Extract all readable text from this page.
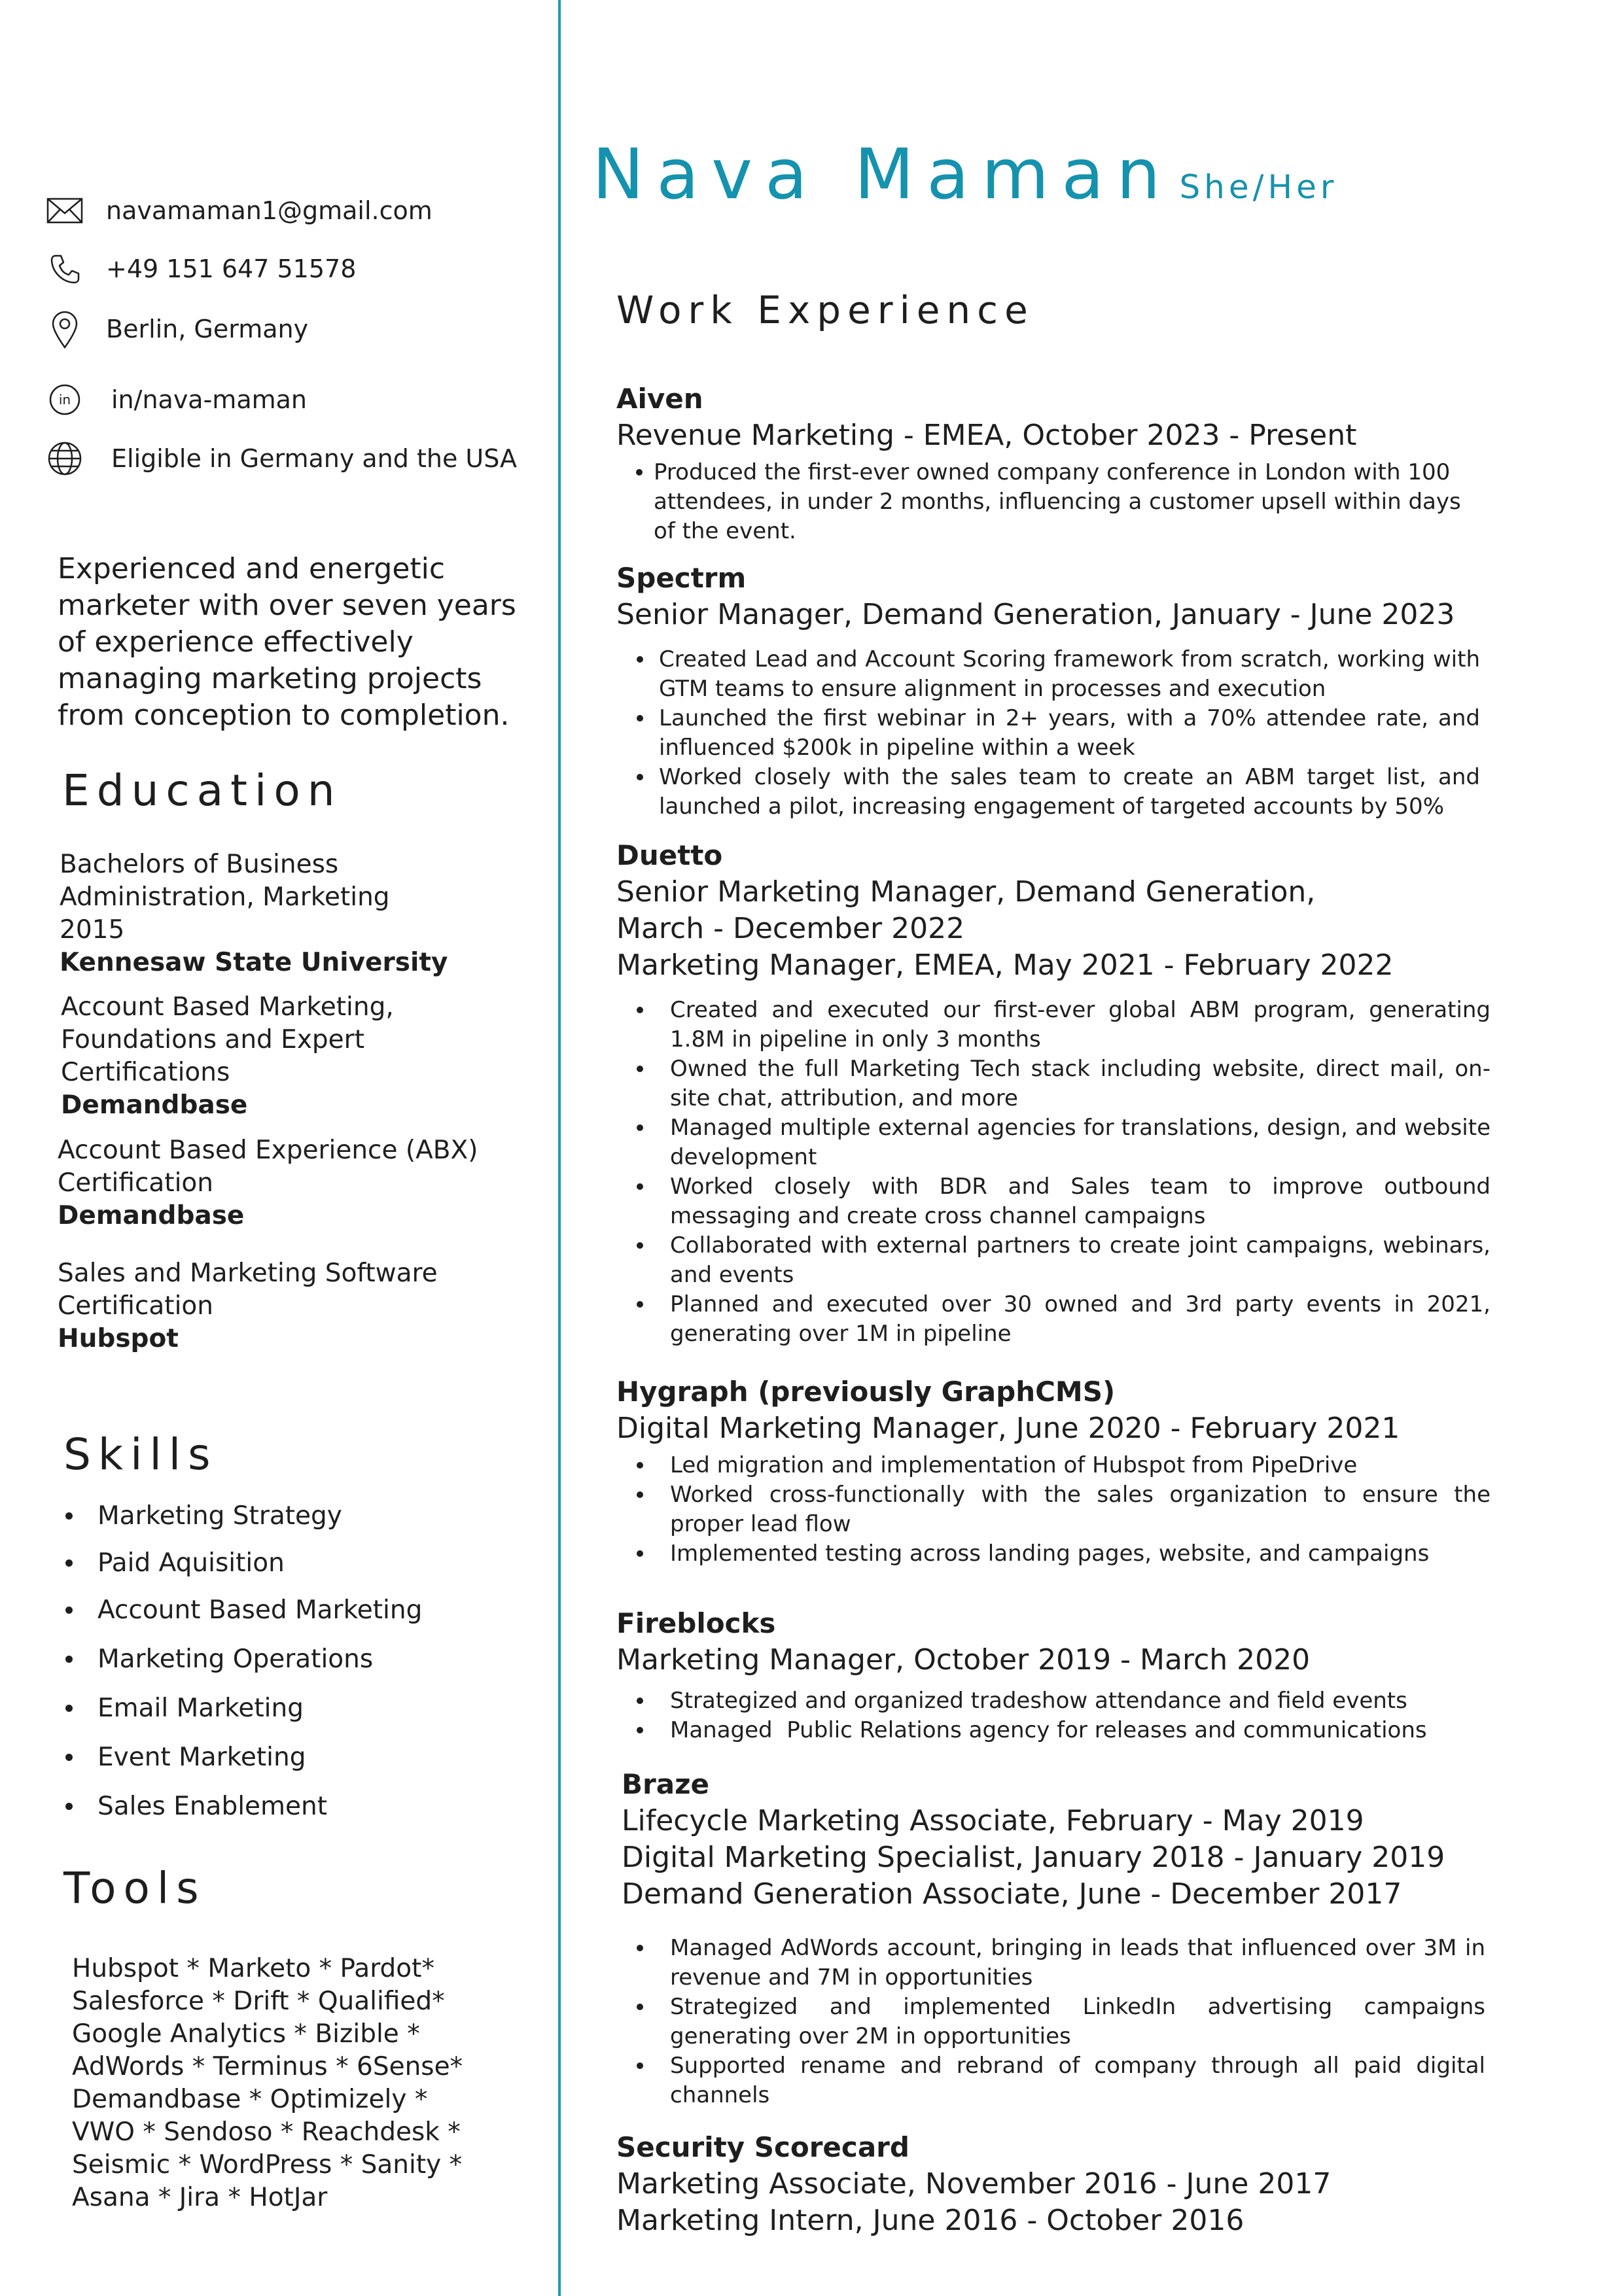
navamaman1@gmail.com
+49 151 647 51578
Berlin, Germany
in in/nava-maman
Eligible in Germany and the USA
Experienced and energetic marketer with over seven years of experience effectively managing marketing projects from conception to completion.
Education
Bachelors of Business
Administration, Marketing
2015
Kennesaw State University
Account Based Marketing,
Foundations and Expert
Certifications
Demandbase
Account Based Experience (ABX)
Certification
Demandbase
Sales and Marketing Software
Certification
Hubspot
Skills
Marketing Strategy
Paid Aquisition
Account Based Marketing
Marketing Operations
Email Marketing
Event Marketing
Sales Enablement
Tools
Hubspot * Marketo * Pardot*
Salesforce * Drift * Qualified*
Google Analytics * Bizible *
AdWords * Terminus * 6Sense*
Demandbase * Optimizely *
VWO * Sendoso * Reachdesk *
Seismic * WordPress * Sanity *
Asana * Jira * HotJar
Nava Maman She/Her
Work Experience
Aiven
Revenue Marketing - EMEA, October 2023 - Present
Produced the first-ever owned company conference in London with 100 attendees, in under 2 months, influencing a customer upsell within days of the event.
Spectrm
Senior Manager, Demand Generation, January - June 2023
Created Lead and Account Scoring framework from scratch, working with GTM teams to ensure alignment in processes and execution
Launched the first webinar in 2+ years, with a 70% attendee rate, and influenced $200k in pipeline within a week
Worked closely with the sales team to create an ABM target list, and launched a pilot, increasing engagement of targeted accounts by 50%
Duetto
Senior Marketing Manager, Demand Generation, March - December 2022
Marketing Manager, EMEA, May 2021 - February 2022
Created and executed our first-ever global ABM program, generating 1.8M in pipeline in only 3 months
Owned the full Marketing Tech stack including website, direct mail, on-site chat, attribution, and more
Managed multiple external agencies for translations, design, and website development
Worked closely with BDR and Sales team to improve outbound messaging and create cross channel campaigns
Collaborated with external partners to create joint campaigns, webinars, and events
Planned and executed over 30 owned and 3rd party events in 2021, generating over 1M in pipeline
Hygraph (previously GraphCMS)
Digital Marketing Manager, June 2020 - February 2021
Led migration and implementation of Hubspot from PipeDrive
Worked cross-functionally with the sales organization to ensure the proper lead flow
Implemented testing across landing pages, website, and campaigns
Fireblocks
Marketing Manager, October 2019 - March 2020
Strategized and organized tradeshow attendance and field events
Managed  Public Relations agency for releases and communications
Braze
Lifecycle Marketing Associate, February - May 2019
Digital Marketing Specialist, January 2018 - January 2019
Demand Generation Associate, June - December 2017
Managed AdWords account, bringing in leads that influenced over 3M in revenue and 7M in opportunities
Strategized and implemented LinkedIn advertising campaigns generating over 2M in opportunities
Supported rename and rebrand of company through all paid digital channels
Security Scorecard
Marketing Associate, November 2016 - June 2017
Marketing Intern, June 2016 - October 2016
